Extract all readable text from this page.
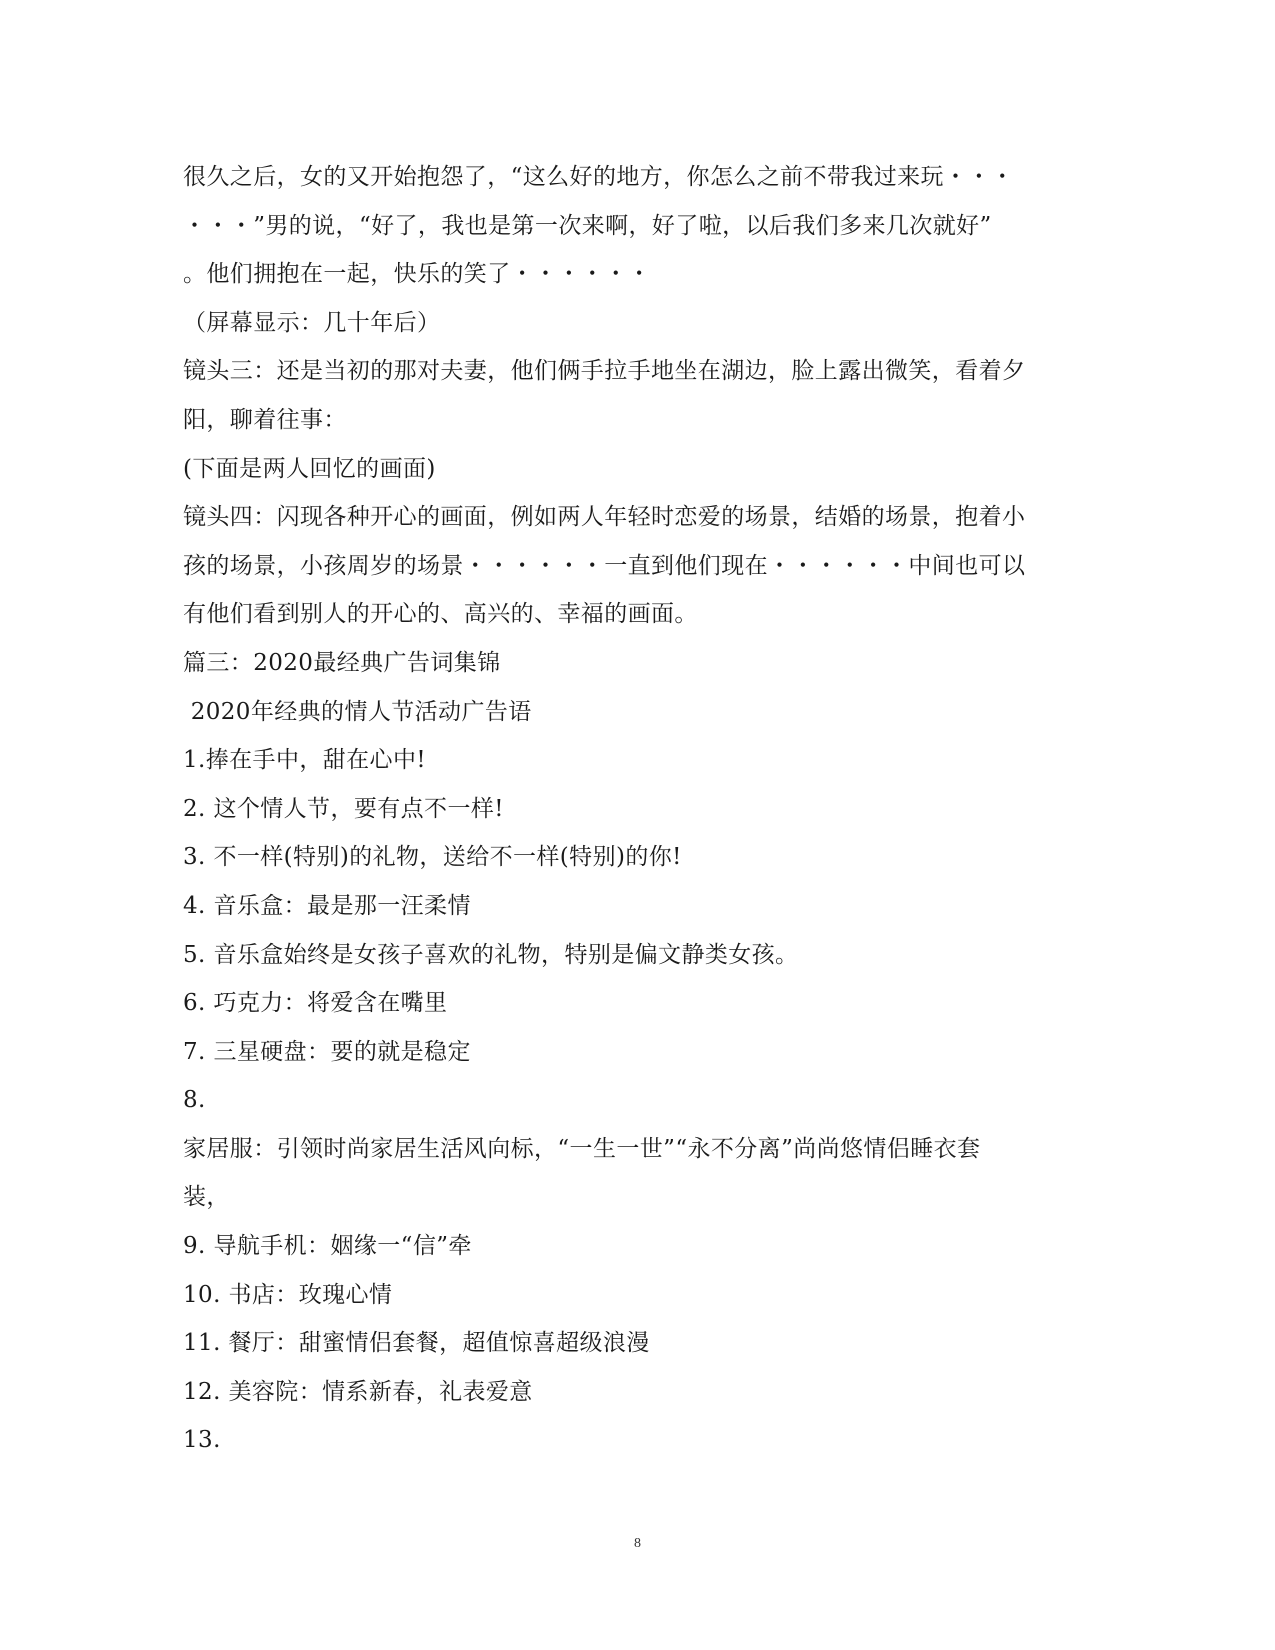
很久之后，女的又开始抱怨了，“这么好的地方，你怎么之前不带我过来玩・・・
・・・”男的说，“好了，我也是第一次来啊，好了啦，以后我们多来几次就好”
。他们拥抱在一起，快乐的笑了・・・・・・
（屏幕显示：几十年后）
镜头三：还是当初的那对夫妻，他们俩手拉手地坐在湖边，脸上露出微笑，看着夕
阳，聊着往事：
(下面是两人回忆的画面)
镜头四：闪现各种开心的画面，例如两人年轻时恋爱的场景，结婚的场景，抱着小
孩的场景，小孩周岁的场景・・・・・・一直到他们现在・・・・・・中间也可以
有他们看到别人的开心的、高兴的、幸福的画面。
篇三：2020最经典广告词集锦
2020年经典的情人节活动广告语
1.捧在手中，甜在心中!
2. 这个情人节，要有点不一样!
3. 不一样(特别)的礼物，送给不一样(特别)的你!
4. 音乐盒：最是那一汪柔情
5. 音乐盒始终是女孩子喜欢的礼物，特别是偏文静类女孩。
6. 巧克力：将爱含在嘴里
7. 三星硬盘：要的就是稳定
8.
家居服：引领时尚家居生活风向标，“一生一世”“永不分离”尚尚悠情侣睡衣套
装，
9. 导航手机：姻缘一“信”牵
10. 书店：玫瑰心情
11. 餐厅：甜蜜情侣套餐，超值惊喜超级浪漫
12. 美容院：情系新春，礼表爱意
13.
8
